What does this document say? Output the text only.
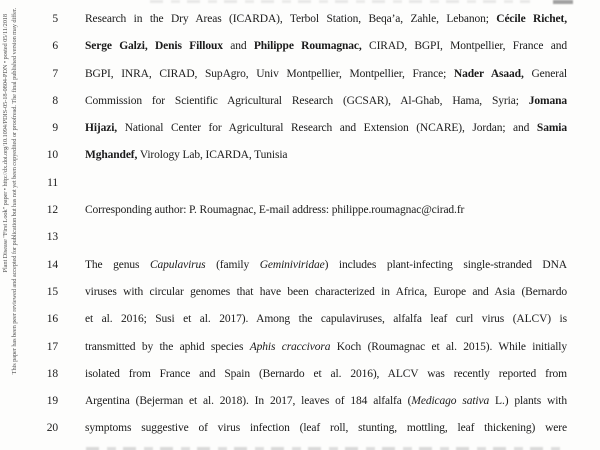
Plant Disease "First Look" paper • http://dx.doi.org/10.1094/PDIS-05-18-0804-PDN • posted 05/11/2018 This paper has been peer reviewed and accepted for publication but has not yet been copyedited or proofread. The final published version may differ.	5 Research in the Dry Areas (ICARDA), Terbol Station, Beqa’a, Zahle, Lebanon; Cécile Richet,
6 Serge Galzi, Denis Filloux and Philippe Roumagnac, CIRAD, BGPI, Montpellier, France and
7 BGPI, INRA, CIRAD, SupAgro, Univ Montpellier, Montpellier, France; Nader Asaad, General
8 Commission for Scientific Agricultural Research (GCSAR), Al-Ghab, Hama, Syria; Jomana
9 Hijazi, National Center for Agricultural Research and Extension (NCARE), Jordan; and Samia
10 Mghandef, Virology Lab, ICARDA, Tunisia
11
12 Corresponding author: P. Roumagnac, E-mail address: philippe.roumagnac@cirad.fr
13
14 The genus Capulavirus (family Geminiviridae) includes plant-infecting single-stranded DNA
15 viruses with circular genomes that have been characterized in Africa, Europe and Asia (Bernardo
16 et al. 2016; Susi et al. 2017). Among the capulaviruses, alfalfa leaf curl virus (ALCV) is
17 transmitted by the aphid species Aphis craccivora Koch (Roumagnac et al. 2015). While initially
18 isolated from France and Spain (Bernardo et al. 2016), ALCV was recently reported from
19 Argentina (Bejerman et al. 2018). In 2017, leaves of 184 alfalfa (Medicago sativa L.) plants with
20 symptoms suggestive of virus infection (leaf roll, stunting, mottling, leaf thickening) were
